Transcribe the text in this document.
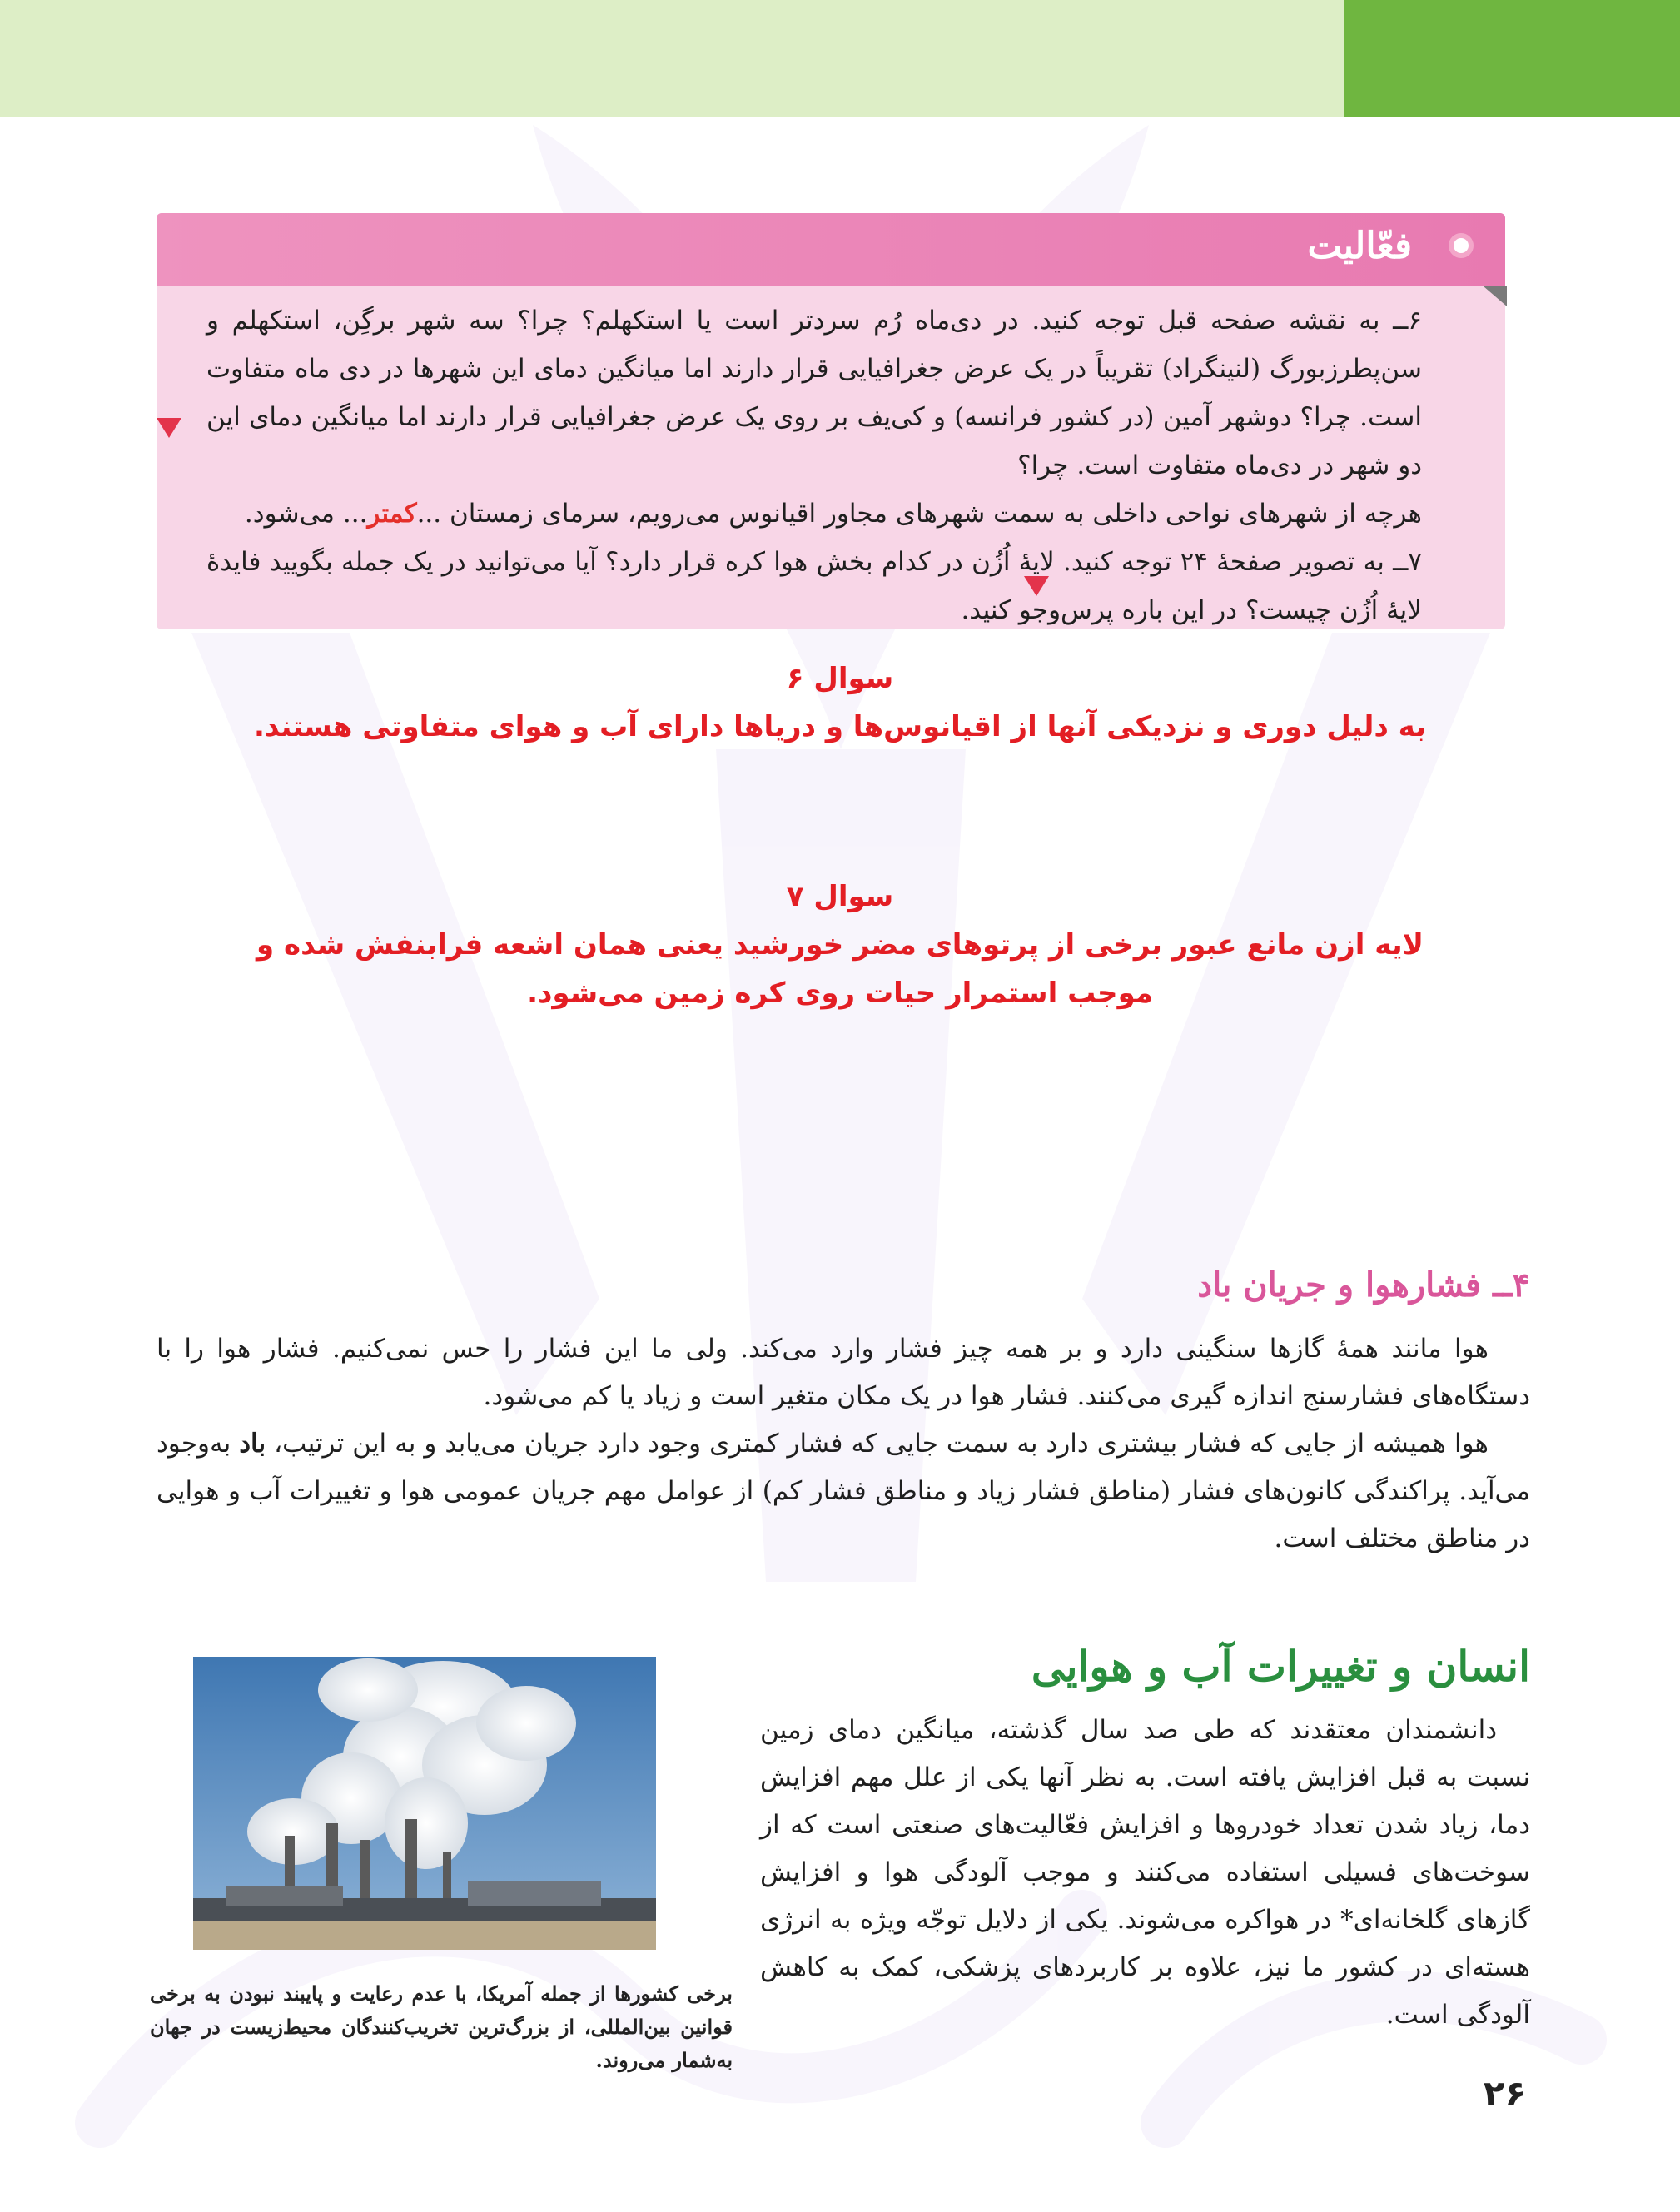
فعّالیت

۶ــ به نقشه صفحه قبل توجه کنید. در دی‌ماه رُم سردتر است یا استکهلم؟ چرا؟ سه شهر برگِن، استکهلم و سن‌پطرزبورگ (لنینگراد) تقریباً در یک عرض جغرافیایی قرار دارند اما میانگین دمای این شهرها در دی ماه متفاوت است. چرا؟ دوشهر آمین (در کشور فرانسه) و کی‌یف بر روی یک عرض جغرافیایی قرار دارند اما میانگین دمای این دو شهر در دی‌ماه متفاوت است. چرا؟

هرچه از شهرهای نواحی داخلی به سمت شهرهای مجاور اقیانوس می‌رویم، سرمای زمستان ...کمتر... می‌شود.

۷ــ به تصویر صفحهٔ ۲۴ توجه کنید. لایهٔ اُزُن در کدام بخش هوا کره قرار دارد؟ آیا می‌توانید در یک جمله بگویید فایدهٔ لایهٔ اُزُن چیست؟ در این باره پرس‌وجو کنید.

سوال ۶
به دلیل دوری و نزدیکی آنها از اقیانوس‌ها و دریاها دارای آب و هوای متفاوتی هستند.
سوال ۷
لایه ازن مانع عبور برخی از پرتوهای مضر خورشید یعنی همان اشعه فرابنفش شده و
موجب استمرار حیات روی کره زمین می‌شود.
۴ــ فشارهوا و جریان باد

هوا مانند همهٔ گازها سنگینی دارد و بر همه چیز فشار وارد می‌کند. ولی ما این فشار را حس نمی‌کنیم. فشار هوا را با دستگاه‌های فشارسنج اندازه گیری می‌کنند. فشار هوا در یک مکان متغیر است و زیاد یا کم می‌شود.

هوا همیشه از جایی که فشار بیشتری دارد به سمت جایی که فشار کمتری وجود دارد جریان می‌یابد و به این ترتیب، باد به‌وجود می‌آید. پراکندگی کانون‌های فشار (مناطق فشار زیاد و مناطق فشار کم) از عوامل مهم جریان عمومی هوا و تغییرات آب و هوایی در مناطق مختلف است.

انسان و تغییرات آب و هوایی

دانشمندان معتقدند که طی صد سال گذشته، میانگین دمای زمین نسبت به قبل افزایش یافته است. به نظر آنها یکی از علل مهم افزایش دما، زیاد شدن تعداد خودروها و افزایش فعّالیت‌های صنعتی است که از سوخت‌های فسیلی استفاده می‌کنند و موجب آلودگی هوا و افزایش گازهای گلخانه‌ای* در هواکره می‌شوند. یکی از دلایل توجّه ویژه به انرژی هسته‌ای در کشور ما نیز، علاوه بر کاربردهای پزشکی، کمک به کاهش آلودگی است.

برخی کشورها از جمله آمریکا، با عدم رعایت و پایبند نبودن به برخی قوانین بین‌المللی، از بزرگ‌ترین تخریب‌کنندگان محیط‌زیست در جهان به‌شمار می‌روند.
۲۶
